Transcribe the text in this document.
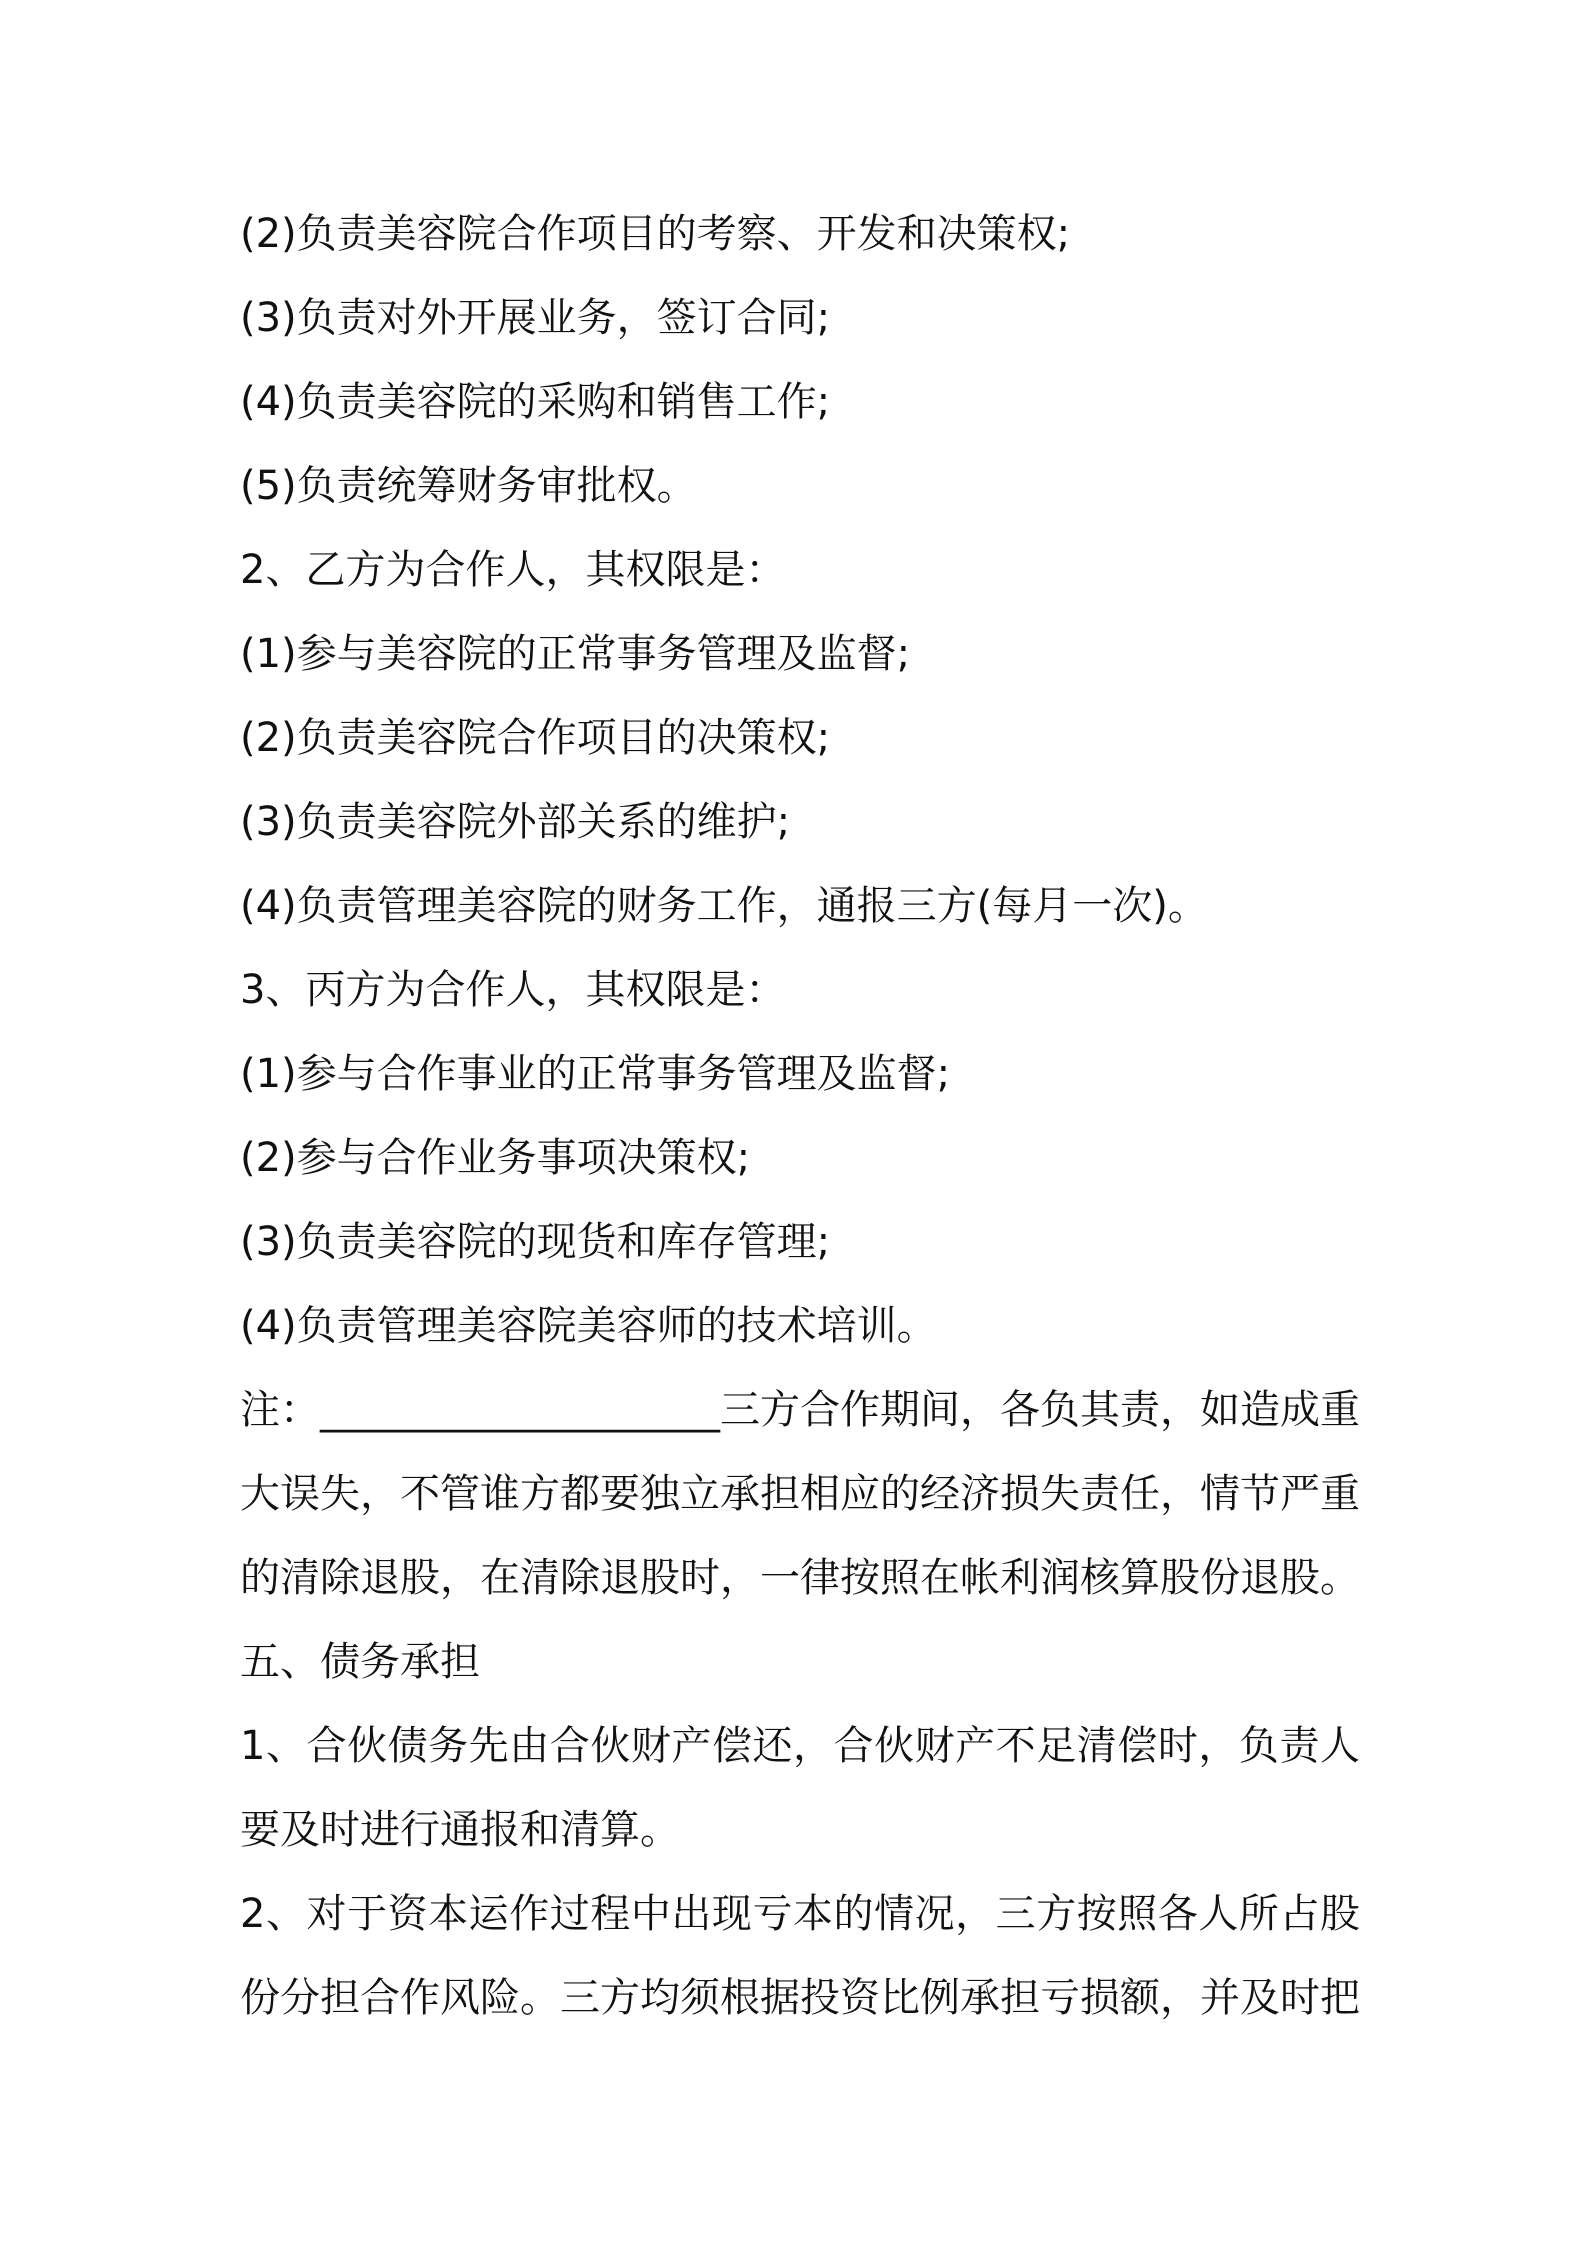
(2)负责美容院合作项目的考察、开发和决策权;

(3)负责对外开展业务，签订合同;

(4)负责美容院的采购和销售工作;

(5)负责统筹财务审批权。

2、乙方为合作人，其权限是：

(1)参与美容院的正常事务管理及监督;

(2)负责美容院合作项目的决策权;

(3)负责美容院外部关系的维护;

(4)负责管理美容院的财务工作，通报三方(每月一次)。

3、丙方为合作人，其权限是：

(1)参与合作事业的正常事务管理及监督;

(2)参与合作业务事项决策权;

(3)负责美容院的现货和库存管理;

(4)负责管理美容院美容师的技术培训。

注：____________________三方合作期间，各负其责，如造成重大误失，不管谁方都要独立承担相应的经济损失责任，情节严重的清除退股，在清除退股时，一律按照在帐利润核算股份退股。

五、债务承担

1、合伙债务先由合伙财产偿还，合伙财产不足清偿时，负责人要及时进行通报和清算。

2、对于资本运作过程中出现亏本的情况，三方按照各人所占股份分担合作风险。三方均须根据投资比例承担亏损额，并及时把
